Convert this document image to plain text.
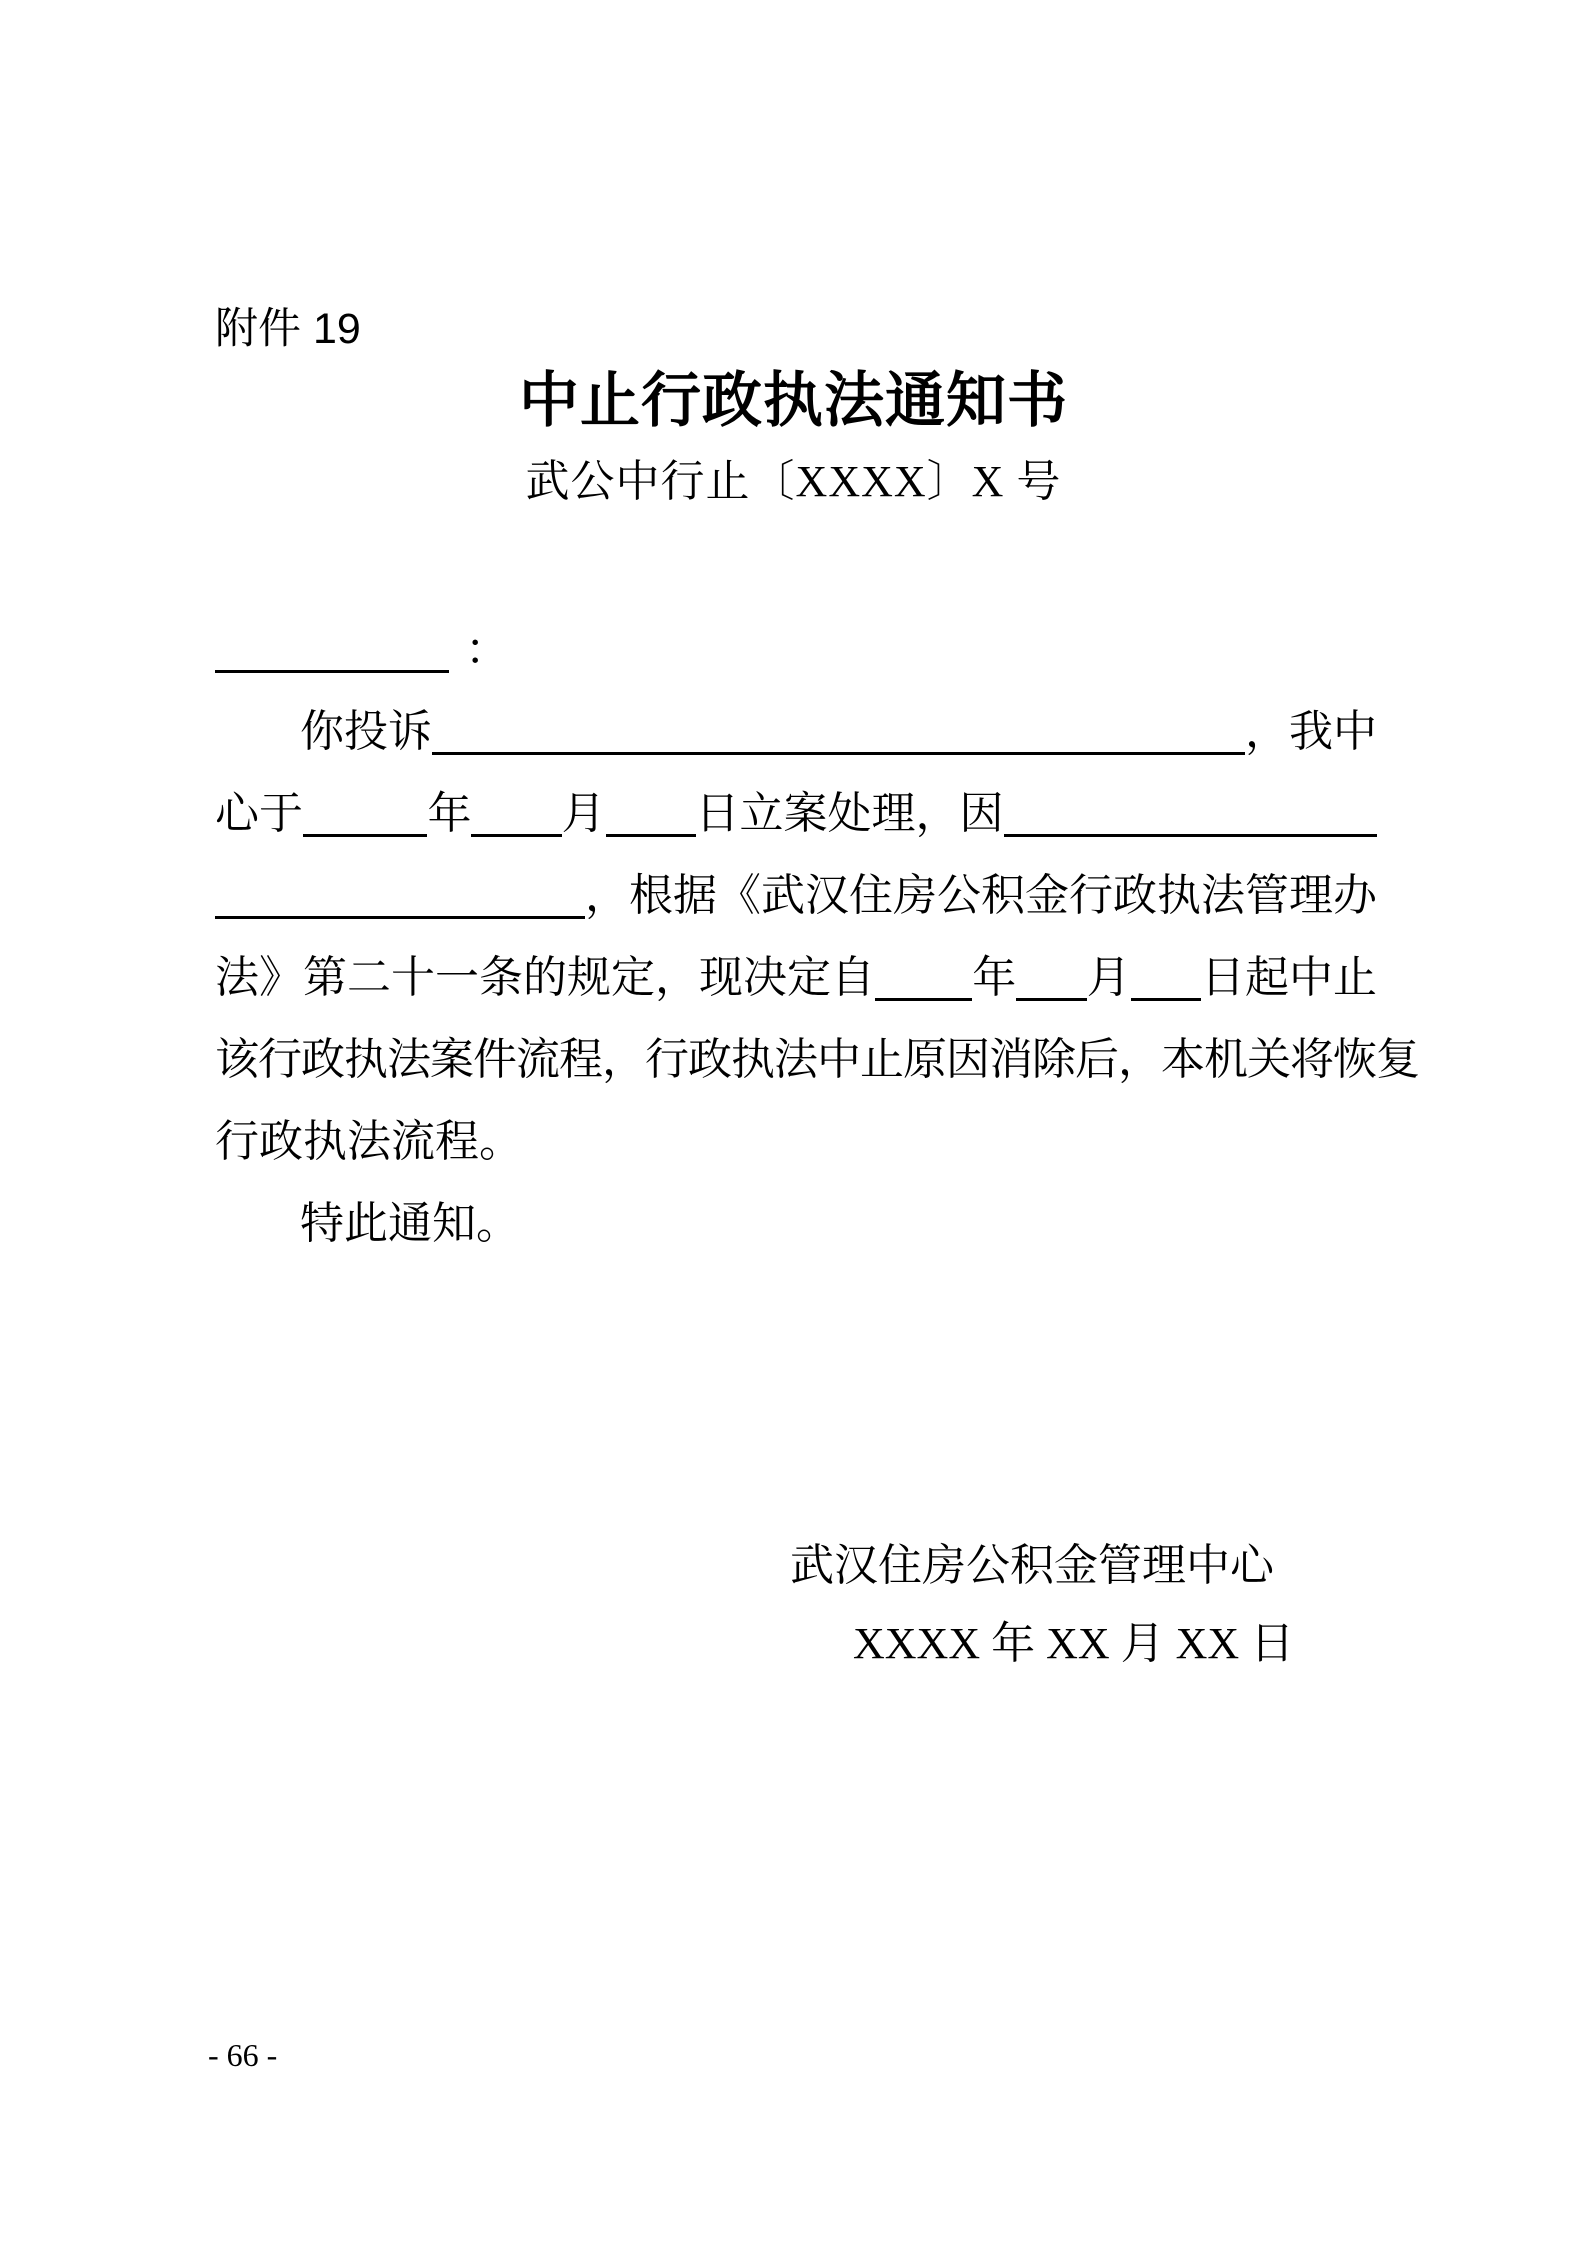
附件 19
中止行政执法通知书
武公中行止〔XXXX〕X 号
：
你投诉	，我中
心于	年 月 日立案处理，因
，根据《武汉住房公积金行政执法管理办
法》第二十一条的规定，现决定自 年 月 日起中止
该行政执法案件流程，行政执法中止原因消除后，本机关将恢复
行政执法流程。
特此通知。
武汉住房公积金管理中心
XXXX 年 XX 月 XX 日
- 66 -
